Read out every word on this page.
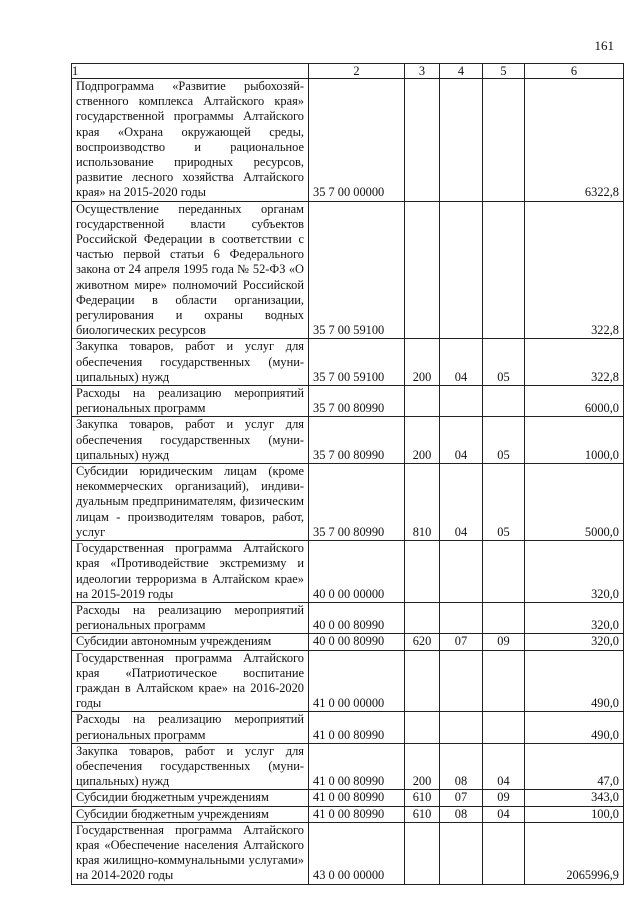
161
1	2	3	4	5	6
Подпрограмма «Развитие рыбохозяйственного комплекса Алтайского края» государственной программы Алтайского края «Охрана окружающей среды, воспроизводство и рациональное использование природных ресурсов, развитие лесного хозяйства Алтайского края» на 2015-2020 годы	35 7 00 00000				6322,8
Осуществление переданных органам государственной власти субъектов Российской Федерации в соответствии с частью первой статьи 6 Федерального закона от 24 апреля 1995 года № 52-ФЗ «О животном мире» полномочий Российской Федерации в области организации, регулирования и охраны водных биологических ресурсов	35 7 00 59100				322,8
Закупка товаров, работ и услуг для обеспечения государственных (муниципальных) нужд	35 7 00 59100	200	04	05	322,8
Расходы на реализацию мероприятий региональных программ	35 7 00 80990				6000,0
Закупка товаров, работ и услуг для обеспечения государственных (муниципальных) нужд	35 7 00 80990	200	04	05	1000,0
Субсидии юридическим лицам (кроме некоммерческих организаций), индивидуальным предпринимателям, физическим лицам - производителям товаров, работ, услуг	35 7 00 80990	810	04	05	5000,0
Государственная программа Алтайского края «Противодействие экстремизму и идеологии терроризма в Алтайском крае» на 2015-2019 годы	40 0 00 00000				320,0
Расходы на реализацию мероприятий региональных программ	40 0 00 80990				320,0
Субсидии автономным учреждениям	40 0 00 80990	620	07	09	320,0
Государственная программа Алтайского края «Патриотическое воспитание граждан в Алтайском крае» на 2016-2020 годы	41 0 00 00000				490,0
Расходы на реализацию мероприятий региональных программ	41 0 00 80990				490,0
Закупка товаров, работ и услуг для обеспечения государственных (муниципальных) нужд	41 0 00 80990	200	08	04	47,0
Субсидии бюджетным учреждениям	41 0 00 80990	610	07	09	343,0
Субсидии бюджетным учреждениям	41 0 00 80990	610	08	04	100,0
Государственная программа Алтайского края «Обеспечение населения Алтайского края жилищно-коммунальными услугами» на 2014-2020 годы	43 0 00 00000				2065996,9
